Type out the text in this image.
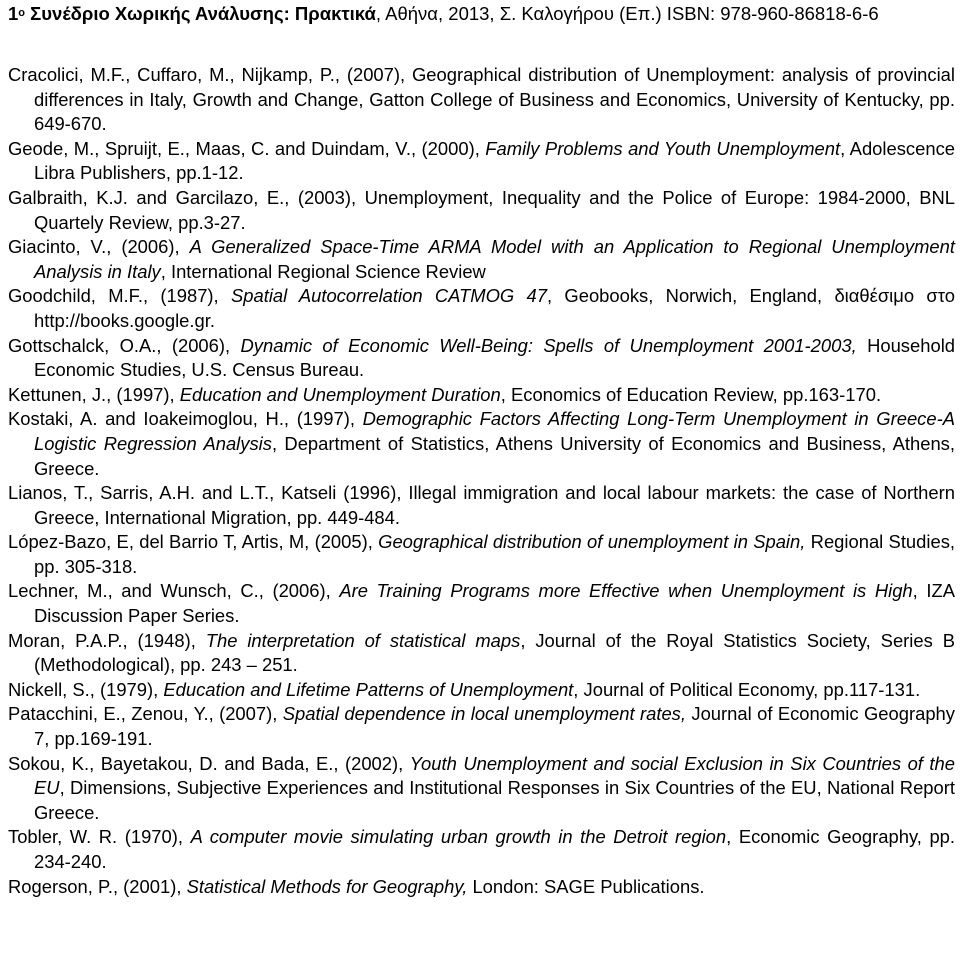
$1^o$ Συνέδριο Χωρικής Ανάλυσης: Πρακτικά, Αθήνα, 2013, Σ. Καλογήρου (Επ.) ISBN: 978-960-86818-6-6
Cracolici, M.F., Cuffaro, M., Nijkamp, P., (2007), Geographical distribution of Unemployment: analysis of provincial differences in Italy, Growth and Change, Gatton College of Business and Economics, University of Kentucky, pp. 649-670.
Geode, M., Spruijt, E., Maas, C. and Duindam, V., (2000), Family Problems and Youth Unemployment, Adolescence Libra Publishers, pp.1-12.
Galbraith, K.J. and Garcilazo, E., (2003), Unemployment, Inequality and the Police of Europe: 1984-2000, BNL Quartely Review, pp.3-27.
Giacinto, V., (2006), A Generalized Space-Time ARMA Model with an Application to Regional Unemployment Analysis in Italy, International Regional Science Review
Goodchild, M.F., (1987), Spatial Autocorrelation CATMOG 47, Geobooks, Norwich, England, διαθέσιμο στο http://books.google.gr.
Gottschalck, O.A., (2006), Dynamic of Economic Well-Being: Spells of Unemployment 2001-2003, Household Economic Studies, U.S. Census Bureau.
Kettunen, J., (1997), Education and Unemployment Duration, Economics of Education Review, pp.163-170.
Kostaki, A. and Ioakeimoglou, H., (1997), Demographic Factors Affecting Long-Term Unemployment in Greece-A Logistic Regression Analysis, Department of Statistics, Athens University of Economics and Business, Athens, Greece.
Lianos, T., Sarris, A.H. and L.T., Katseli (1996), Illegal immigration and local labour markets: the case of Northern Greece, International Migration, pp. 449-484.
López-Bazo, E, del Barrio T, Artis, M, (2005), Geographical distribution of unemployment in Spain, Regional Studies, pp. 305-318.
Lechner, M., and Wunsch, C., (2006), Are Training Programs more Effective when Unemployment is High, IZA Discussion Paper Series.
Moran, P.A.P., (1948), The interpretation of statistical maps, Journal of the Royal Statistics Society, Series B (Methodological), pp. 243 – 251.
Nickell, S., (1979), Education and Lifetime Patterns of Unemployment, Journal of Political Economy, pp.117-131.
Patacchini, E., Zenou, Y., (2007), Spatial dependence in local unemployment rates, Journal of Economic Geography 7, pp.169-191.
Sokou, K., Bayetakou, D. and Bada, E., (2002), Youth Unemployment and social Exclusion in Six Countries of the EU, Dimensions, Subjective Experiences and Institutional Responses in Six Countries of the EU, National Report Greece.
Tobler, W. R. (1970), A computer movie simulating urban growth in the Detroit region, Economic Geography, pp. 234-240.
Rogerson, P., (2001), Statistical Methods for Geography, London: SAGE Publications.
